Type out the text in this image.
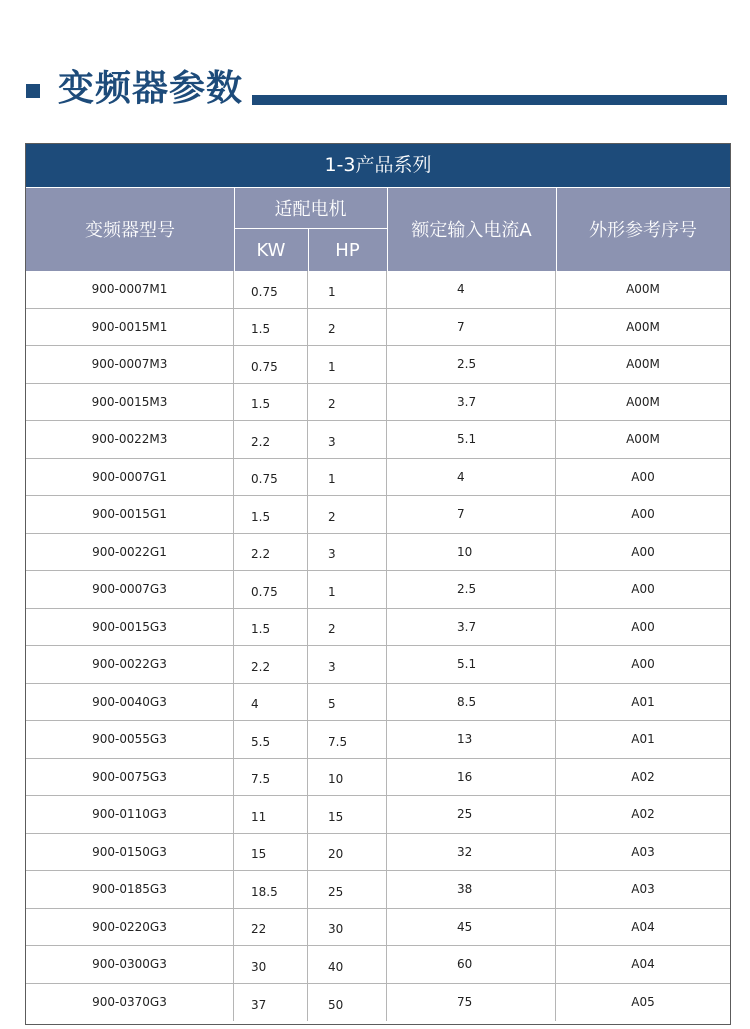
变频器参数
1-3产品系列
变频器型号
适配电机
KW	HP
额定输入电流A	外形参考序号
900-0007M1	0.75	1	4	A00M
900-0015M1	1.5	2	7	A00M
900-0007M3	0.75	1	2.5	A00M
900-0015M3	1.5	2	3.7	A00M
900-0022M3	2.2	3	5.1	A00M
900-0007G1	0.75	1	4	A00
900-0015G1	1.5	2	7	A00
900-0022G1	2.2	3	10	A00
900-0007G3	0.75	1	2.5	A00
900-0015G3	1.5	2	3.7	A00
900-0022G3	2.2	3	5.1	A00
900-0040G3	4	5	8.5	A01
900-0055G3	5.5	7.5	13	A01
900-0075G3	7.5	10	16	A02
900-0110G3	11	15	25	A02
900-0150G3	15	20	32	A03
900-0185G3	18.5	25	38	A03
900-0220G3	22	30	45	A04
900-0300G3	30	40	60	A04
900-0370G3	37	50	75	A05
